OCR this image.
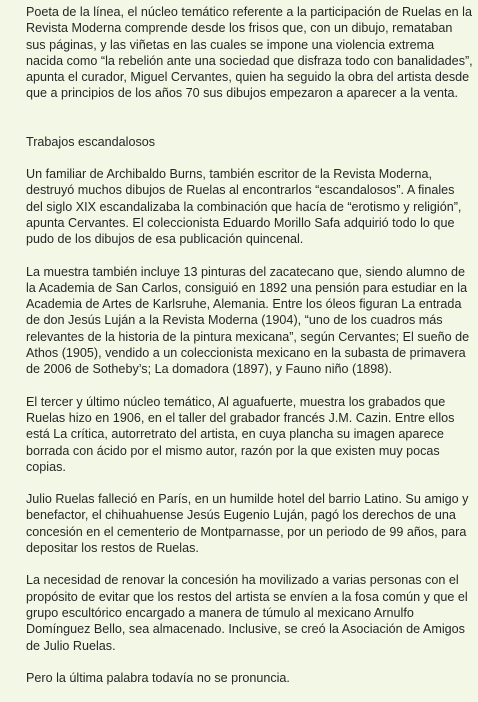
Poeta de la línea, el núcleo temático referente a la participación de Ruelas en la Revista Moderna comprende desde los frisos que, con un dibujo, remataban sus páginas, y las viñetas en las cuales se impone una violencia extrema nacida como “la rebelión ante una sociedad que disfraza todo con banalidades”, apunta el curador, Miguel Cervantes, quien ha seguido la obra del artista desde que a principios de los años 70 sus dibujos empezaron a aparecer a la venta.

Trabajos escandalosos

Un familiar de Archibaldo Burns, también escritor de la Revista Moderna, destruyó muchos dibujos de Ruelas al encontrarlos “escandalosos”. A finales del siglo XIX escandalizaba la combinación que hacía de “erotismo y religión”, apunta Cervantes. El coleccionista Eduardo Morillo Safa adquirió todo lo que pudo de los dibujos de esa publicación quincenal.

La muestra también incluye 13 pinturas del zacatecano que, siendo alumno de la Academia de San Carlos, consiguió en 1892 una pensión para estudiar en la Academia de Artes de Karlsruhe, Alemania. Entre los óleos figuran La entrada de don Jesús Luján a la Revista Moderna (1904), “uno de los cuadros más relevantes de la historia de la pintura mexicana”, según Cervantes; El sueño de Athos (1905), vendido a un coleccionista mexicano en la subasta de primavera de 2006 de Sotheby’s; La domadora (1897), y Fauno niño (1898).

El tercer y último núcleo temático, Al aguafuerte, muestra los grabados que Ruelas hizo en 1906, en el taller del grabador francés J.M. Cazin. Entre ellos está La crítica, autorretrato del artista, en cuya plancha su imagen aparece borrada con ácido por el mismo autor, razón por la que existen muy pocas copias.

Julio Ruelas falleció en París, en un humilde hotel del barrio Latino. Su amigo y benefactor, el chihuahuense Jesús Eugenio Luján, pagó los derechos de una concesión en el cementerio de Montparnasse, por un periodo de 99 años, para depositar los restos de Ruelas.

La necesidad de renovar la concesión ha movilizado a varias personas con el propósito de evitar que los restos del artista se envíen a la fosa común y que el grupo escultórico encargado a manera de túmulo al mexicano Arnulfo Domínguez Bello, sea almacenado. Inclusive, se creó la Asociación de Amigos de Julio Ruelas.

Pero la última palabra todavía no se pronuncia.
